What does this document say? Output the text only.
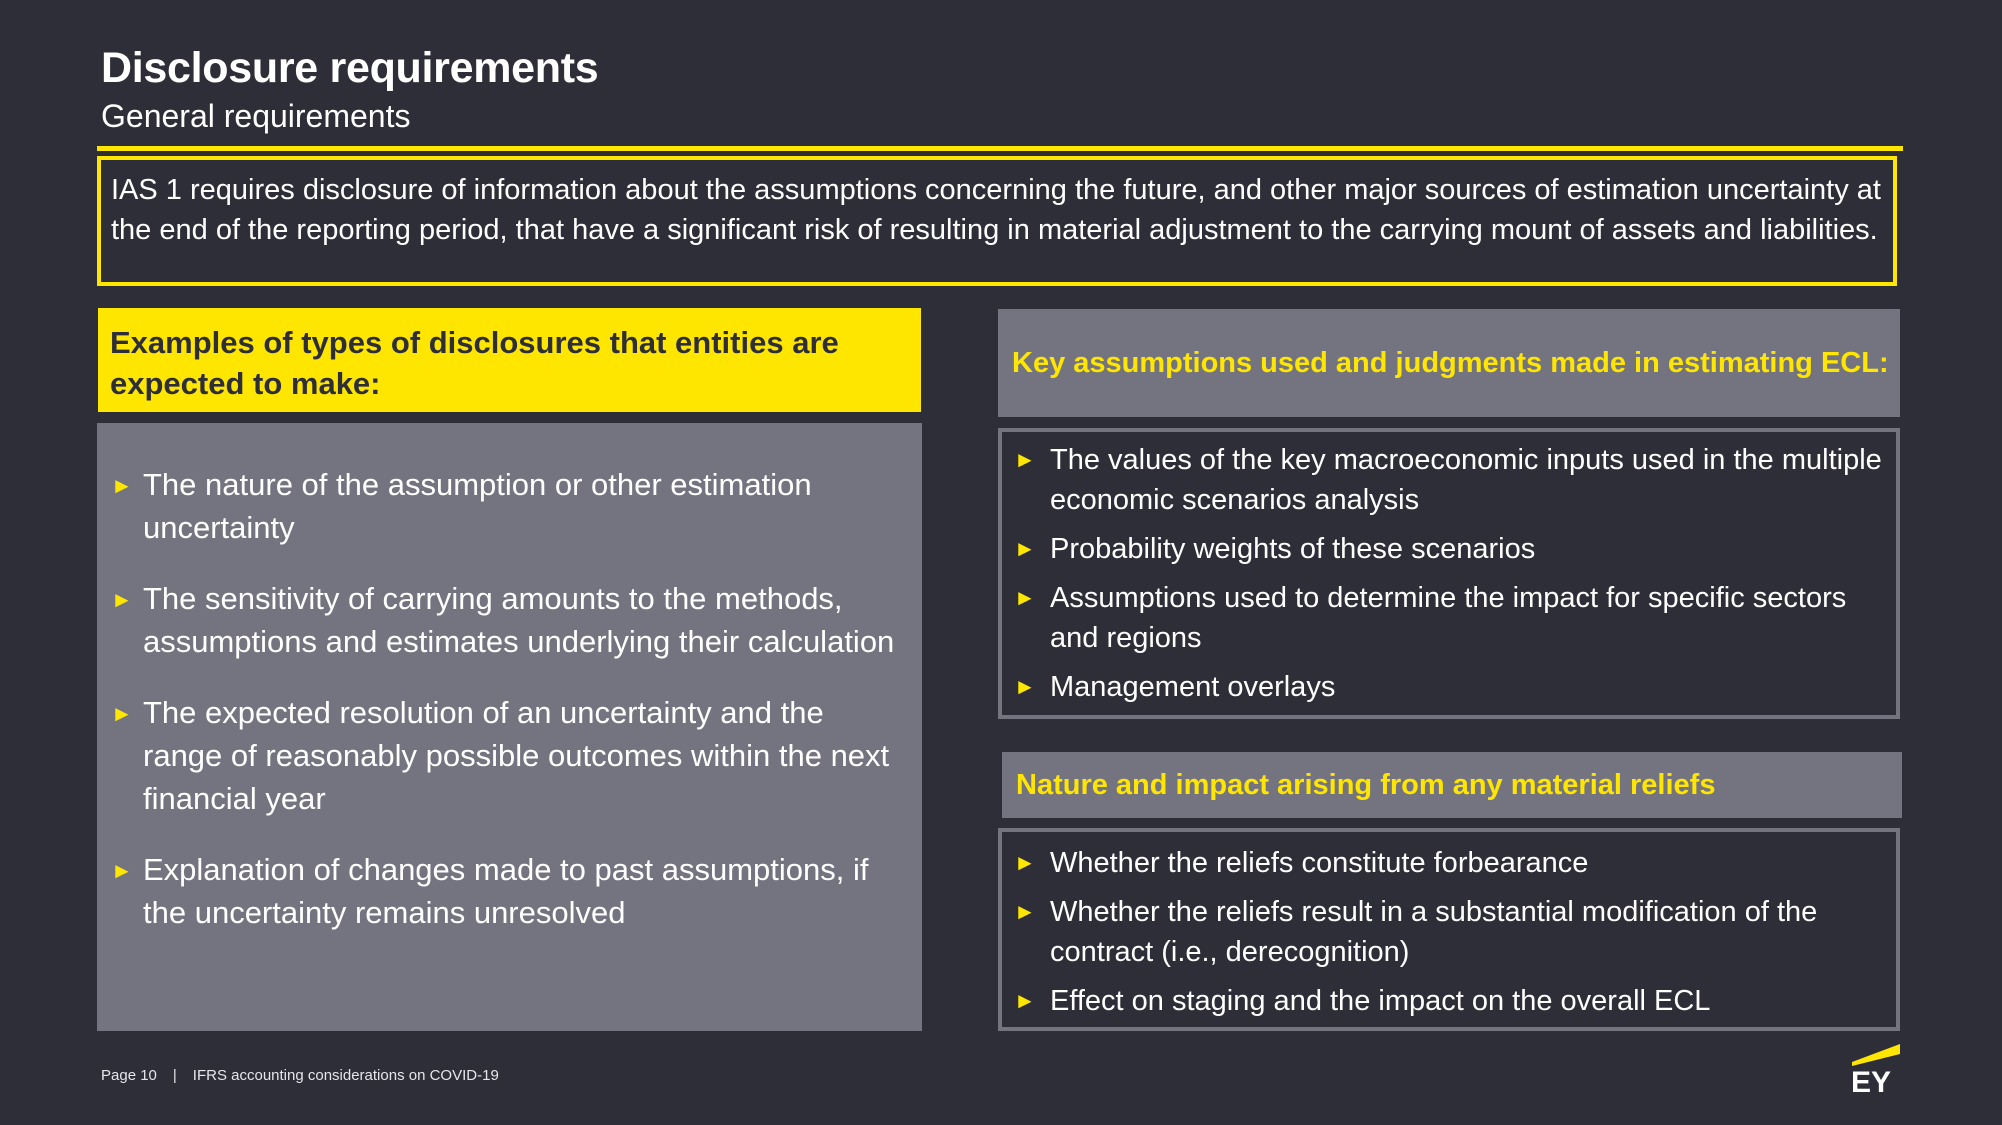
Disclosure requirements
General requirements
IAS 1 requires disclosure of information about the assumptions concerning the future, and other major sources of estimation uncertainty at the end of the reporting period, that have a significant risk of resulting in material adjustment to the carrying mount of assets and liabilities.
Examples of types of disclosures that entities are expected to make:
► The nature of the assumption or other estimation uncertainty
► The sensitivity of carrying amounts to the methods, assumptions and estimates underlying their calculation
► The expected resolution of an uncertainty and the range of reasonably possible outcomes within the next financial year
► Explanation of changes made to past assumptions, if the uncertainty remains unresolved
Key assumptions used and judgments made in estimating ECL:
► The values of the key macroeconomic inputs used in the multiple economic scenarios analysis
► Probability weights of these scenarios
► Assumptions used to determine the impact for specific sectors and regions
► Management overlays
Nature and impact arising from any material reliefs
► Whether the reliefs constitute forbearance
► Whether the reliefs result in a substantial modification of the contract (i.e., derecognition)
► Effect on staging and the impact on the overall ECL
Page 10 | IFRS accounting considerations on COVID-19	EY
